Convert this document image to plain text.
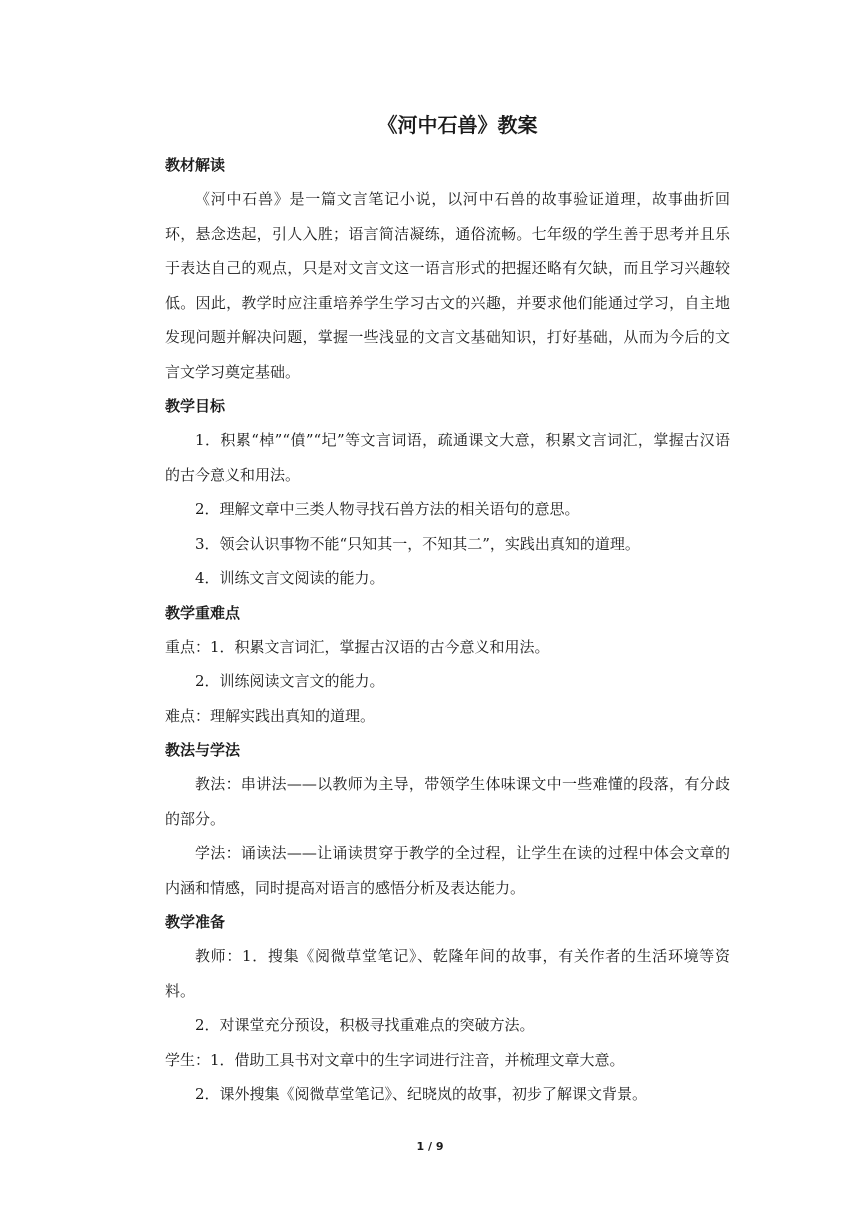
《河中石兽》教案
教材解读

《河中石兽》是一篇文言笔记小说，以河中石兽的故事验证道理，故事曲折回环，悬念迭起，引人入胜；语言简洁凝练，通俗流畅。七年级的学生善于思考并且乐于表达自己的观点，只是对文言文这一语言形式的把握还略有欠缺，而且学习兴趣较低。因此，教学时应注重培养学生学习古文的兴趣，并要求他们能通过学习，自主地发现问题并解决问题，掌握一些浅显的文言文基础知识，打好基础，从而为今后的文言文学习奠定基础。

教学目标

1．积累“棹”“僨”“圮”等文言词语，疏通课文大意，积累文言词汇，掌握古汉语的古今意义和用法。

2．理解文章中三类人物寻找石兽方法的相关语句的意思。

3．领会认识事物不能“只知其一，不知其二”，实践出真知的道理。

4．训练文言文阅读的能力。

教学重难点

重点：1．积累文言词汇，掌握古汉语的古今意义和用法。

2．训练阅读文言文的能力。

难点：理解实践出真知的道理。

教法与学法

教法：串讲法——以教师为主导，带领学生体味课文中一些难懂的段落，有分歧的部分。

学法：诵读法——让诵读贯穿于教学的全过程，让学生在读的过程中体会文章的内涵和情感，同时提高对语言的感悟分析及表达能力。

教学准备

教师：1．搜集《阅微草堂笔记》、乾隆年间的故事，有关作者的生活环境等资料。

2．对课堂充分预设，积极寻找重难点的突破方法。

学生：1．借助工具书对文章中的生字词进行注音，并梳理文章大意。

2．课外搜集《阅微草堂笔记》、纪晓岚的故事，初步了解课文背景。

1 / 9
